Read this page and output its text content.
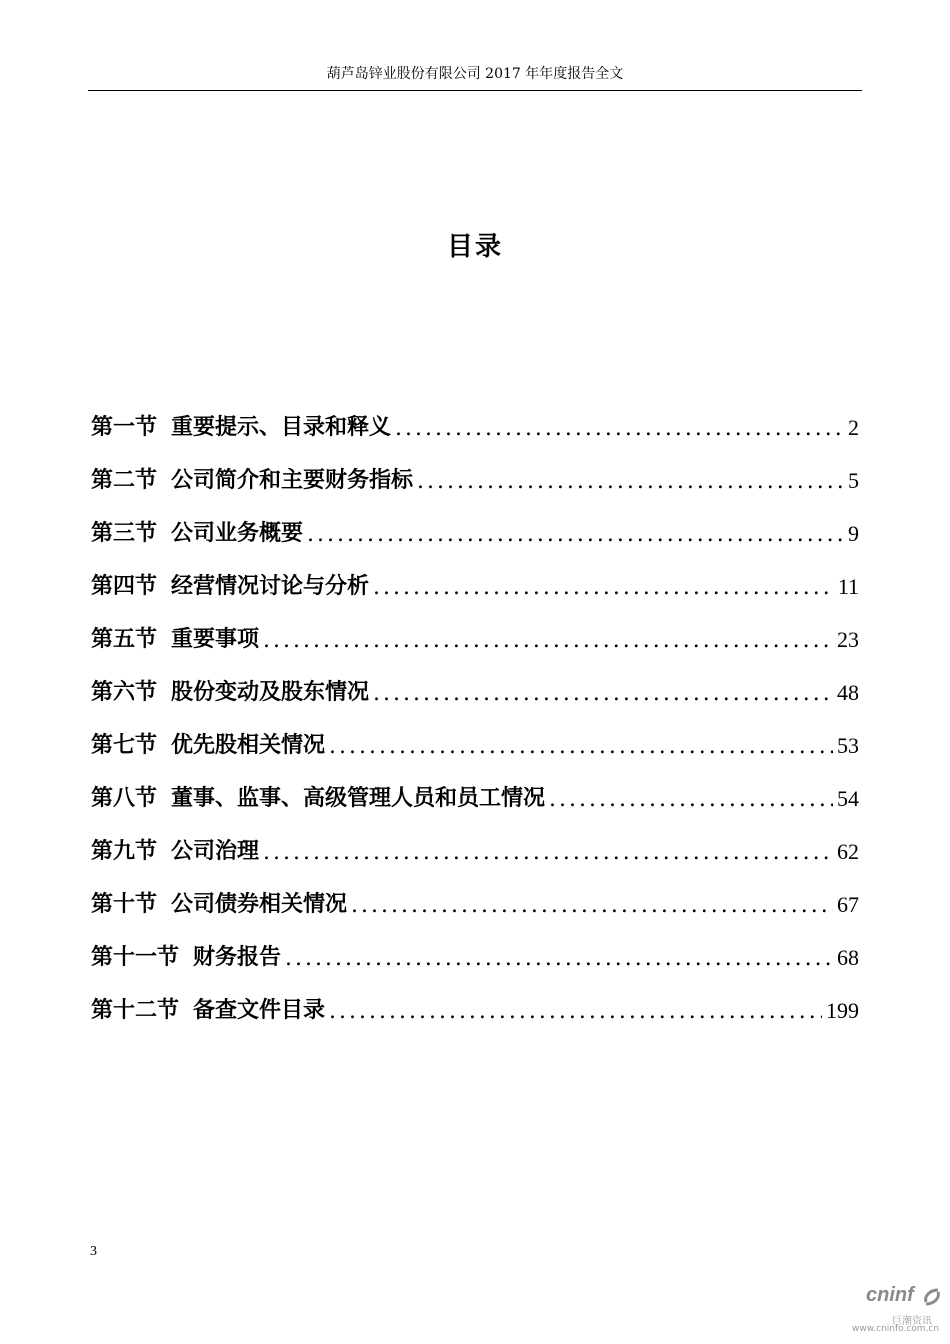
葫芦岛锌业股份有限公司 2017 年年度报告全文
目录
第一节 重要提示、目录和释义 .....	2
第二节 公司简介和主要财务指标 .....	5
第三节 公司业务概要 .....	9
第四节 经营情况讨论与分析 .....	11
第五节 重要事项 .....	23
第六节 股份变动及股东情况 .....	48
第七节 优先股相关情况 .....	53
第八节 董事、监事、高级管理人员和员工情况 .....	54
第九节 公司治理 .....	62
第十节 公司债券相关情况 .....	67
第十一节 财务报告 .....	68
第十二节 备查文件目录 .....	199
3
cninf
巨潮资讯
www.cninfo.com.cn
